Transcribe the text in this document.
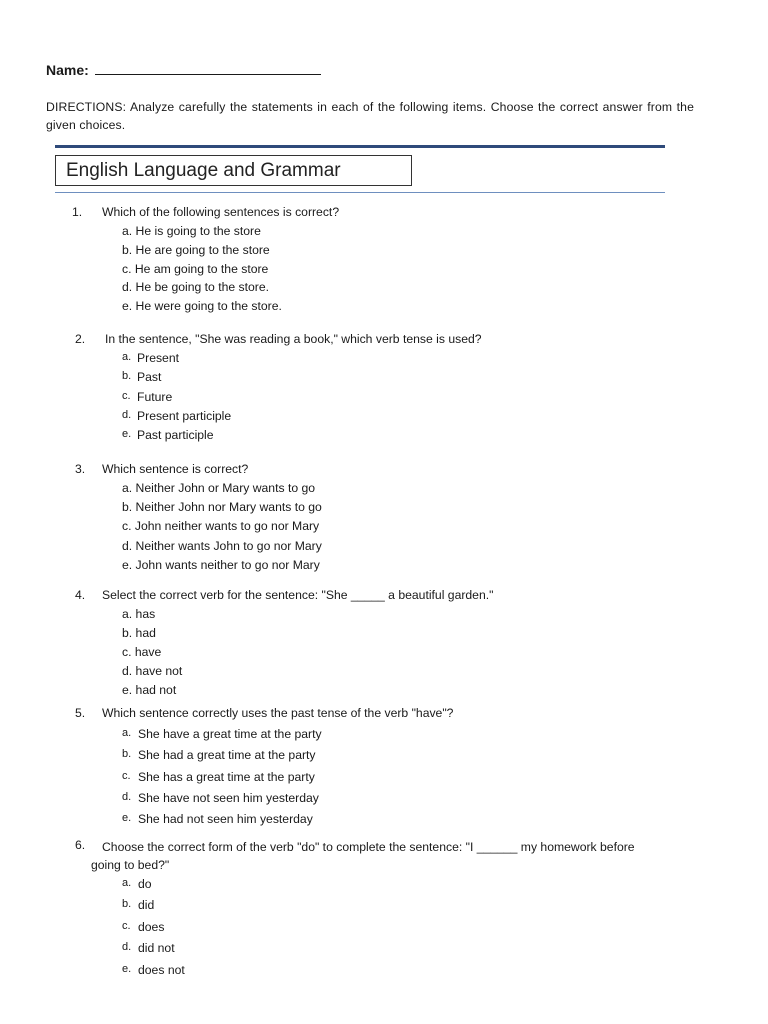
Name:
DIRECTIONS: Analyze carefully the statements in each of the following items. Choose the correct answer from the given choices.
English Language and Grammar
1. Which of the following sentences is correct?
a. He is going to the store
b. He are going to the store
c. He am going to the store
d. He be going to the store.
e. He were going to the store.
2. In the sentence, "She was reading a book," which verb tense is used?
a. Present
b. Past
c. Future
d. Present participle
e. Past participle
3. Which sentence is correct?
a. Neither John or Mary wants to go
b. Neither John nor Mary wants to go
c. John neither wants to go nor Mary
d. Neither wants John to go nor Mary
e. John wants neither to go nor Mary
4. Select the correct verb for the sentence: "She _____ a beautiful garden."
a. has
b. had
c. have
d. have not
e. had not
5. Which sentence correctly uses the past tense of the verb "have"?
a. She have a great time at the party
b. She had a great time at the party
c. She has a great time at the party
d. She have not seen him yesterday
e. She had not seen him yesterday
6. Choose the correct form of the verb "do" to complete the sentence: "I ______ my homework before
going to bed?"
a. do
b. did
c. does
d. did not
e. does not
